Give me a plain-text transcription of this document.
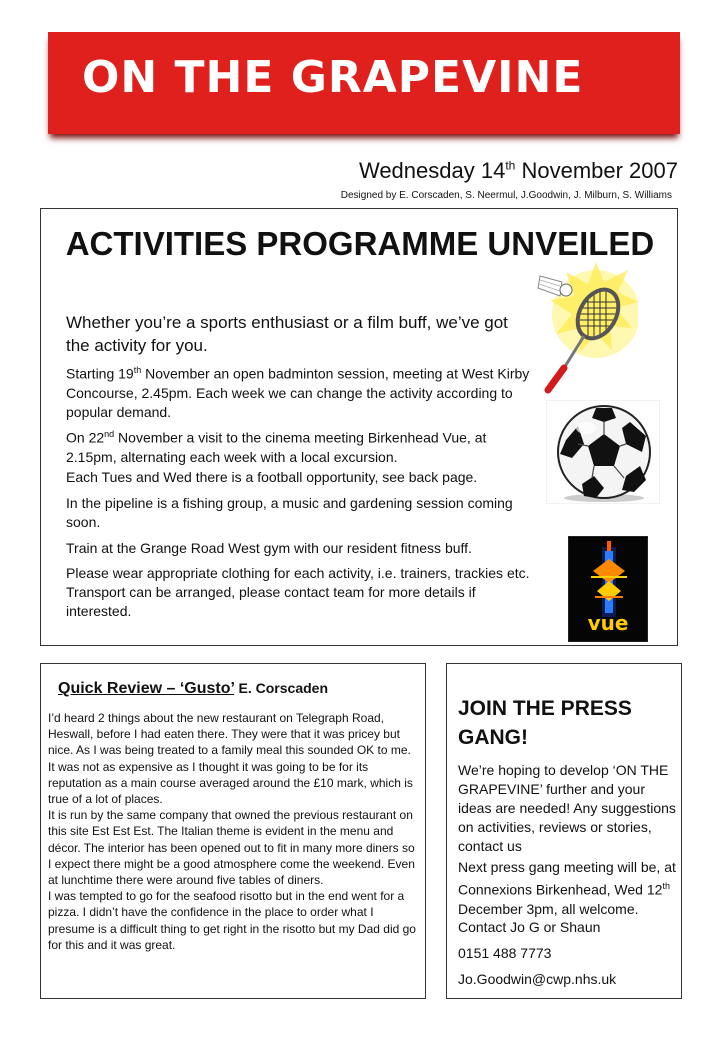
ON THE GRAPEVINE
Wednesday 14th November 2007
Designed by E. Corscaden, S. Neermul, J.Goodwin, J. Milburn, S. Williams
ACTIVITIES PROGRAMME UNVEILED
Whether you’re a sports enthusiast or a film buff, we’ve got the activity for you.
Starting 19th November an open badminton session, meeting at West Kirby Concourse, 2.45pm. Each week we can change the activity according to popular demand.
On 22nd November a visit to the cinema meeting Birkenhead Vue, at 2.15pm, alternating each week with a local excursion.
Each Tues and Wed there is a football opportunity, see back page.
In the pipeline is a fishing group, a music and gardening session coming soon.
Train at the Grange Road West gym with our resident fitness buff.
Please wear appropriate clothing for each activity, i.e. trainers, trackies etc. Transport can be arranged, please contact team for more details if interested.	vue
Quick Review – ‘Gusto’ E. Corscaden

I’d heard 2 things about the new restaurant on Telegraph Road, Heswall, before I had eaten there. They were that it was pricey but nice. As I was being treated to a family meal this sounded OK to me. It was not as expensive as I thought it was going to be for its reputation as a main course averaged around the £10 mark, which is true of a lot of places.

It is run by the same company that owned the previous restaurant on this site Est Est Est. The Italian theme is evident in the menu and décor. The interior has been opened out to fit in many more diners so I expect there might be a good atmosphere come the weekend. Even at lunchtime there were around five tables of diners.

I was tempted to go for the seafood risotto but in the end went for a pizza. I didn’t have the confidence in the place to order what I presume is a difficult thing to get right in the risotto but my Dad did go for this and it was great.

JOIN THE PRESS GANG!
We’re hoping to develop ‘ON THE GRAPEVINE’ further and your ideas are needed! Any suggestions on activities, reviews or stories, contact us
Next press gang meeting will be, at Connexions Birkenhead, Wed 12th December 3pm, all welcome.
Contact Jo G or Shaun
0151 488 7773
Jo.Goodwin@cwp.nhs.uk
